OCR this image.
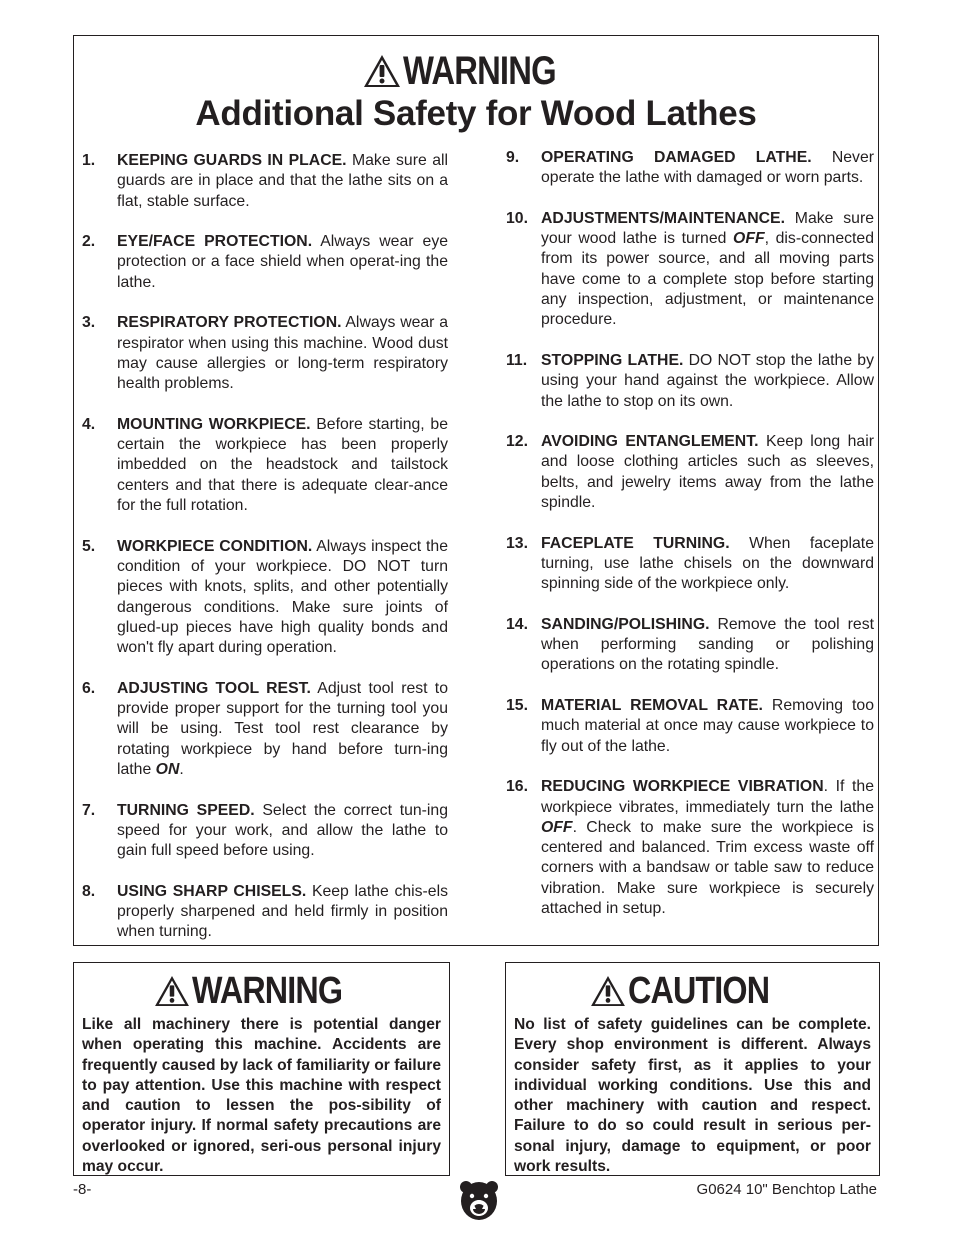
WARNING
Additional Safety for Wood Lathes
1.	KEEPING GUARDS IN PLACE. Make sure all guards are in place and that the lathe sits on a flat, stable surface.
2.	EYE/FACE PROTECTION. Always wear eye protection or a face shield when operat-ing the lathe.
3.	RESPIRATORY PROTECTION. Always wear a respirator when using this machine. Wood dust may cause allergies or long-term respiratory health problems.
4.	MOUNTING WORKPIECE. Before starting, be certain the workpiece has been properly imbedded on the headstock and tailstock centers and that there is adequate clear-ance for the full rotation.
5.	WORKPIECE CONDITION. Always inspect the condition of your workpiece. DO NOT turn pieces with knots, splits, and other potentially dangerous conditions. Make sure joints of glued-up pieces have high quality bonds and won't fly apart during operation.
6.	ADJUSTING TOOL REST. Adjust tool rest to provide proper support for the turning tool you will be using. Test tool rest clearance by rotating workpiece by hand before turn-ing lathe ON.
7.	TURNING SPEED. Select the correct tun-ing speed for your work, and allow the lathe to gain full speed before using.
8.	USING SHARP CHISELS. Keep lathe chis-els properly sharpened and held firmly in position when turning.
9.	OPERATING DAMAGED LATHE. Never operate the lathe with damaged or worn parts.
10. ADJUSTMENTS/MAINTENANCE. Make sure your wood lathe is turned OFF, dis-connected from its power source, and all moving parts have come to a complete stop before starting any inspection, adjustment, or maintenance procedure.
11. STOPPING LATHE. DO NOT stop the lathe by using your hand against the workpiece. Allow the lathe to stop on its own.
12. AVOIDING ENTANGLEMENT. Keep long hair and loose clothing articles such as sleeves, belts, and jewelry items away from the lathe spindle.
13. FACEPLATE TURNING. When faceplate turning, use lathe chisels on the downward spinning side of the workpiece only.
14. SANDING/POLISHING. Remove the tool rest when performing sanding or polishing operations on the rotating spindle.
15. MATERIAL REMOVAL RATE. Removing too much material at once may cause workpiece to fly out of the lathe.
16. REDUCING WORKPIECE VIBRATION. If the workpiece vibrates, immediately turn the lathe OFF. Check to make sure the workpiece is centered and balanced. Trim excess waste off corners with a bandsaw or table saw to reduce vibration. Make sure workpiece is securely attached in setup.
WARNING
Like all machinery there is potential danger when operating this machine. Accidents are frequently caused by lack of familiarity or failure to pay attention. Use this machine with respect and caution to lessen the pos-sibility of operator injury. If normal safety precautions are overlooked or ignored, seri-ous personal injury may occur.
CAUTION
No list of safety guidelines can be complete. Every shop environment is different. Always consider safety first, as it applies to your individual working conditions. Use this and other machinery with caution and respect. Failure to do so could result in serious per-sonal injury, damage to equipment, or poor work results.
-8-	G0624 10" Benchtop Lathe
